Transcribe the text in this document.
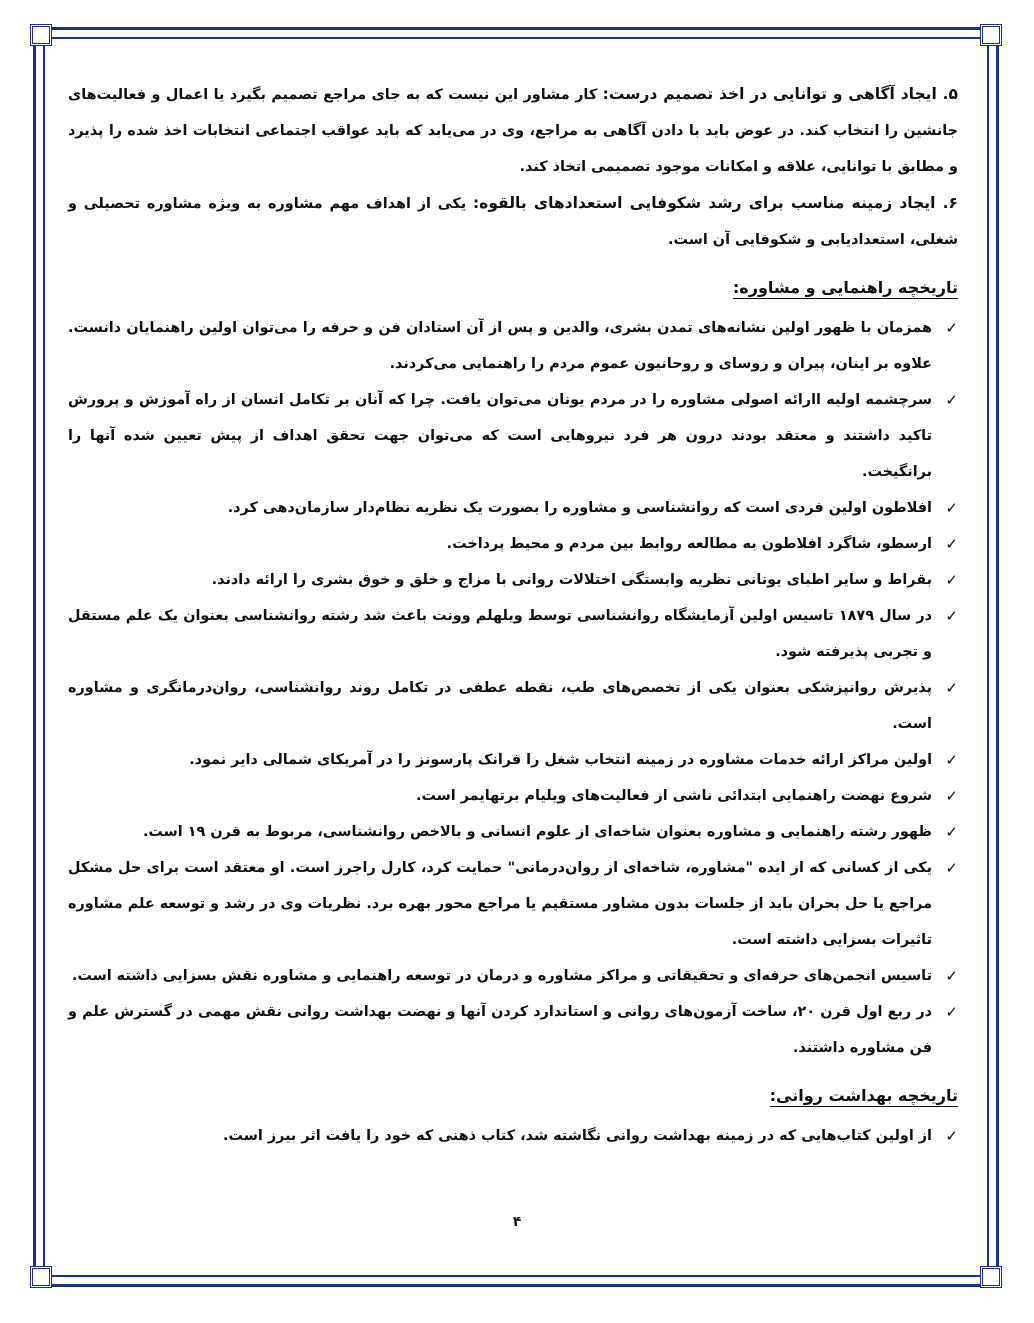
۵. ایجاد آگاهی و توانایی در اخذ تصمیم درست: کار مشاور این نیست که به جای مراجع تصمیم بگیرد یا اعمال و فعالیت‌های جانشین را انتخاب کند. در عوض باید با دادن آگاهی به مراجع، وی در می‌یابد که باید عواقب اجتماعی انتخابات اخذ شده را پذیرد و مطابق با توانایی، علاقه و امکانات موجود تصمیمی اتخاذ کند.

۶. ایجاد زمینه مناسب برای رشد شکوفایی استعدادهای بالقوه: یکی از اهداف مهم مشاوره به ویژه مشاوره تحصیلی و شغلی، استعدادیابی و شکوفایی آن است.

تاریخچه راهنمایی و مشاوره:
✓
همزمان با ظهور اولین نشانه‌های تمدن بشری، والدین و پس از آن استادان فن و حرفه را می‌توان اولین راهنمایان دانست. علاوه بر اینان، پیران و روسای و روحانیون عموم مردم را راهنمایی می‌کردند.
✓
سرچشمه اولیه اارائه اصولی مشاوره را در مردم یونان می‌توان یافت. چرا که آنان بر تکامل انسان از راه آموزش و پرورش تاکید داشتند و معتقد بودند درون هر فرد نیروهایی است که می‌توان جهت تحقق اهداف از پیش تعیین شده آنها را برانگیخت.
✓
افلاطون اولین فردی است که روانشناسی و مشاوره را بصورت یک نظریه نظام‌دار سازمان‌دهی کرد.
✓
ارسطو، شاگرد افلاطون به مطالعه روابط بین مردم و محیط پرداخت.
✓
بقراط و سایر اطبای یونانی نظریه وابستگی اختلالات روانی با مزاج و خلق و خوق بشری را ارائه دادند.
✓
در سال ۱۸۷۹ تاسیس اولین آزمایشگاه روانشناسی توسط ویلهلم وونت باعث شد رشته روانشناسی بعنوان یک علم مستقل و تجربی پذیرفته شود.
✓
پذیرش روانپزشکی بعنوان یکی از تخصص‌های طب، نقطه عطفی در تکامل روند روانشناسی، روان‌درمانگری و مشاوره است.
✓
اولین مراکز ارائه خدمات مشاوره در زمینه انتخاب شغل را فرانک پارسونز را در آمریکای شمالی دایر نمود.
✓
شروع نهضت راهنمایی ابتدائی ناشی از فعالیت‌های ویلیام برتهایمر است.
✓
ظهور رشته راهنمایی و مشاوره بعنوان شاخه‌ای از علوم انسانی و بالاخص روانشناسی، مربوط به قرن ۱۹ است.
✓
یکی از کسانی که از ایده "مشاوره، شاخه‌ای از روان‌درمانی" حمایت کرد، کارل راجرز است. او معتقد است برای حل مشکل مراجع یا حل بحران باید از جلسات بدون مشاور مستقیم یا مراجع محور بهره برد. نظریات وی در رشد و توسعه علم مشاوره تاثیرات بسزایی داشته است.
✓
تاسیس انجمن‌های حرفه‌ای و تحقیقاتی و مراکز مشاوره و درمان در توسعه راهنمایی و مشاوره نقش بسزایی داشته است.
✓
در ربع اول قرن ۲۰، ساخت آزمون‌های روانی و استاندارد کردن آنها و نهضت بهداشت روانی نقش مهمی در گسترش علم و فن مشاوره داشتند.
تاریخچه بهداشت روانی:
✓
از اولین کتاب‌هایی که در زمینه بهداشت روانی نگاشته شد، کتاب ذهنی که خود را یافت اثر بیرز است.
۴
